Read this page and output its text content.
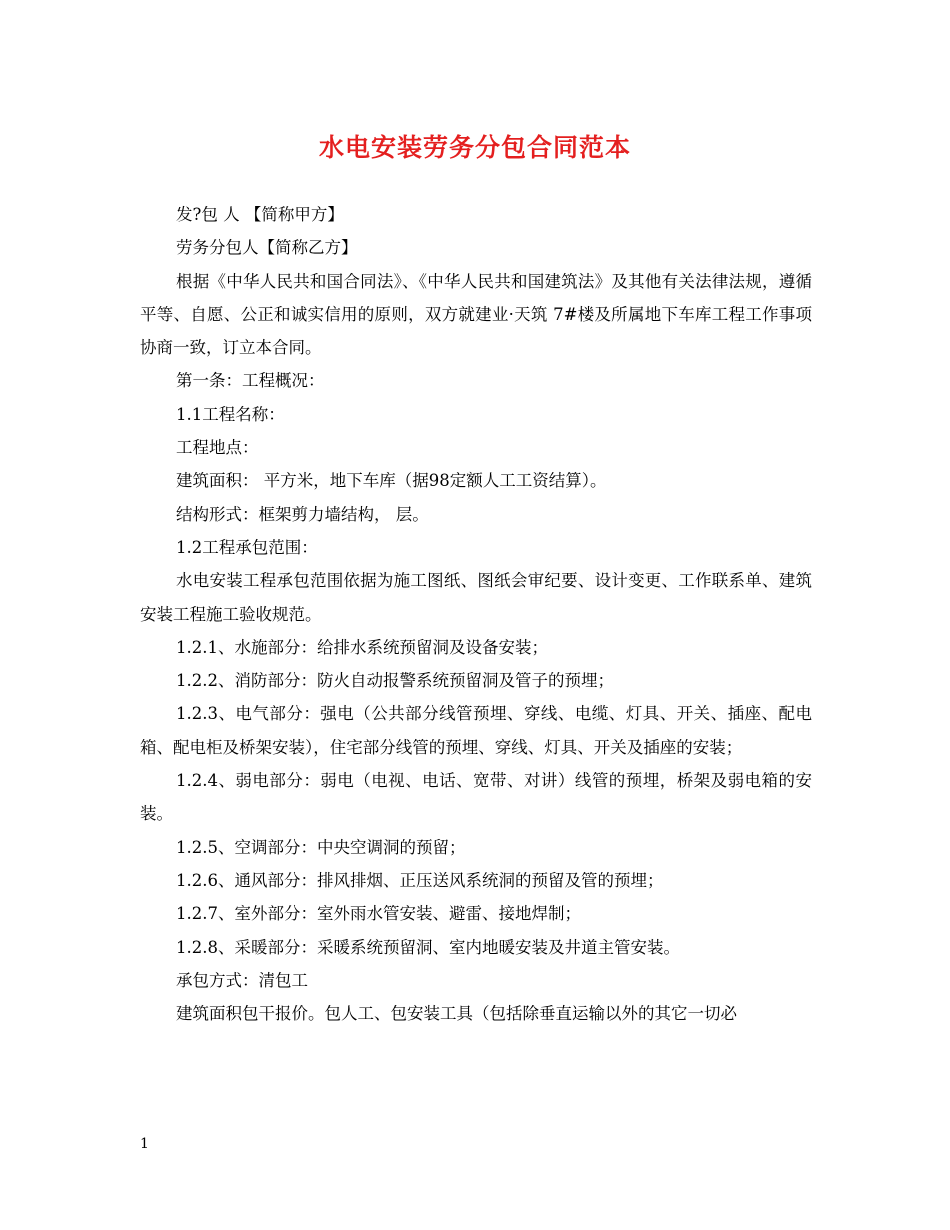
水电安装劳务分包合同范本

发?包 人 【简称甲方】

劳务分包人【简称乙方】

根据《中华人民共和国合同法》、《中华人民共和国建筑法》及其他有关法律法规，遵循平等、自愿、公正和诚实信用的原则，双方就建业·天筑 7#楼及所属地下车库工程工作事项协商一致，订立本合同。

第一条：工程概况：

1.1工程名称：

工程地点：

建筑面积： 平方米，地下车库（据98定额人工工资结算）。

结构形式：框架剪力墙结构， 层。

1.2工程承包范围：

水电安装工程承包范围依据为施工图纸、图纸会审纪要、设计变更、工作联系单、建筑安装工程施工验收规范。

1.2.1、水施部分：给排水系统预留洞及设备安装；

1.2.2、消防部分：防火自动报警系统预留洞及管子的预埋；

1.2.3、电气部分：强电（公共部分线管预埋、穿线、电缆、灯具、开关、插座、配电箱、配电柜及桥架安装），住宅部分线管的预埋、穿线、灯具、开关及插座的安装；

1.2.4、弱电部分：弱电（电视、电话、宽带、对讲）线管的预埋，桥架及弱电箱的安装。

1.2.5、空调部分：中央空调洞的预留；

1.2.6、通风部分：排风排烟、正压送风系统洞的预留及管的预埋；

1.2.7、室外部分：室外雨水管安装、避雷、接地焊制；

1.2.8、采暖部分：采暖系统预留洞、室内地暖安装及井道主管安装。

承包方式：清包工

建筑面积包干报价。包人工、包安装工具（包括除垂直运输以外的其它一切必

1
